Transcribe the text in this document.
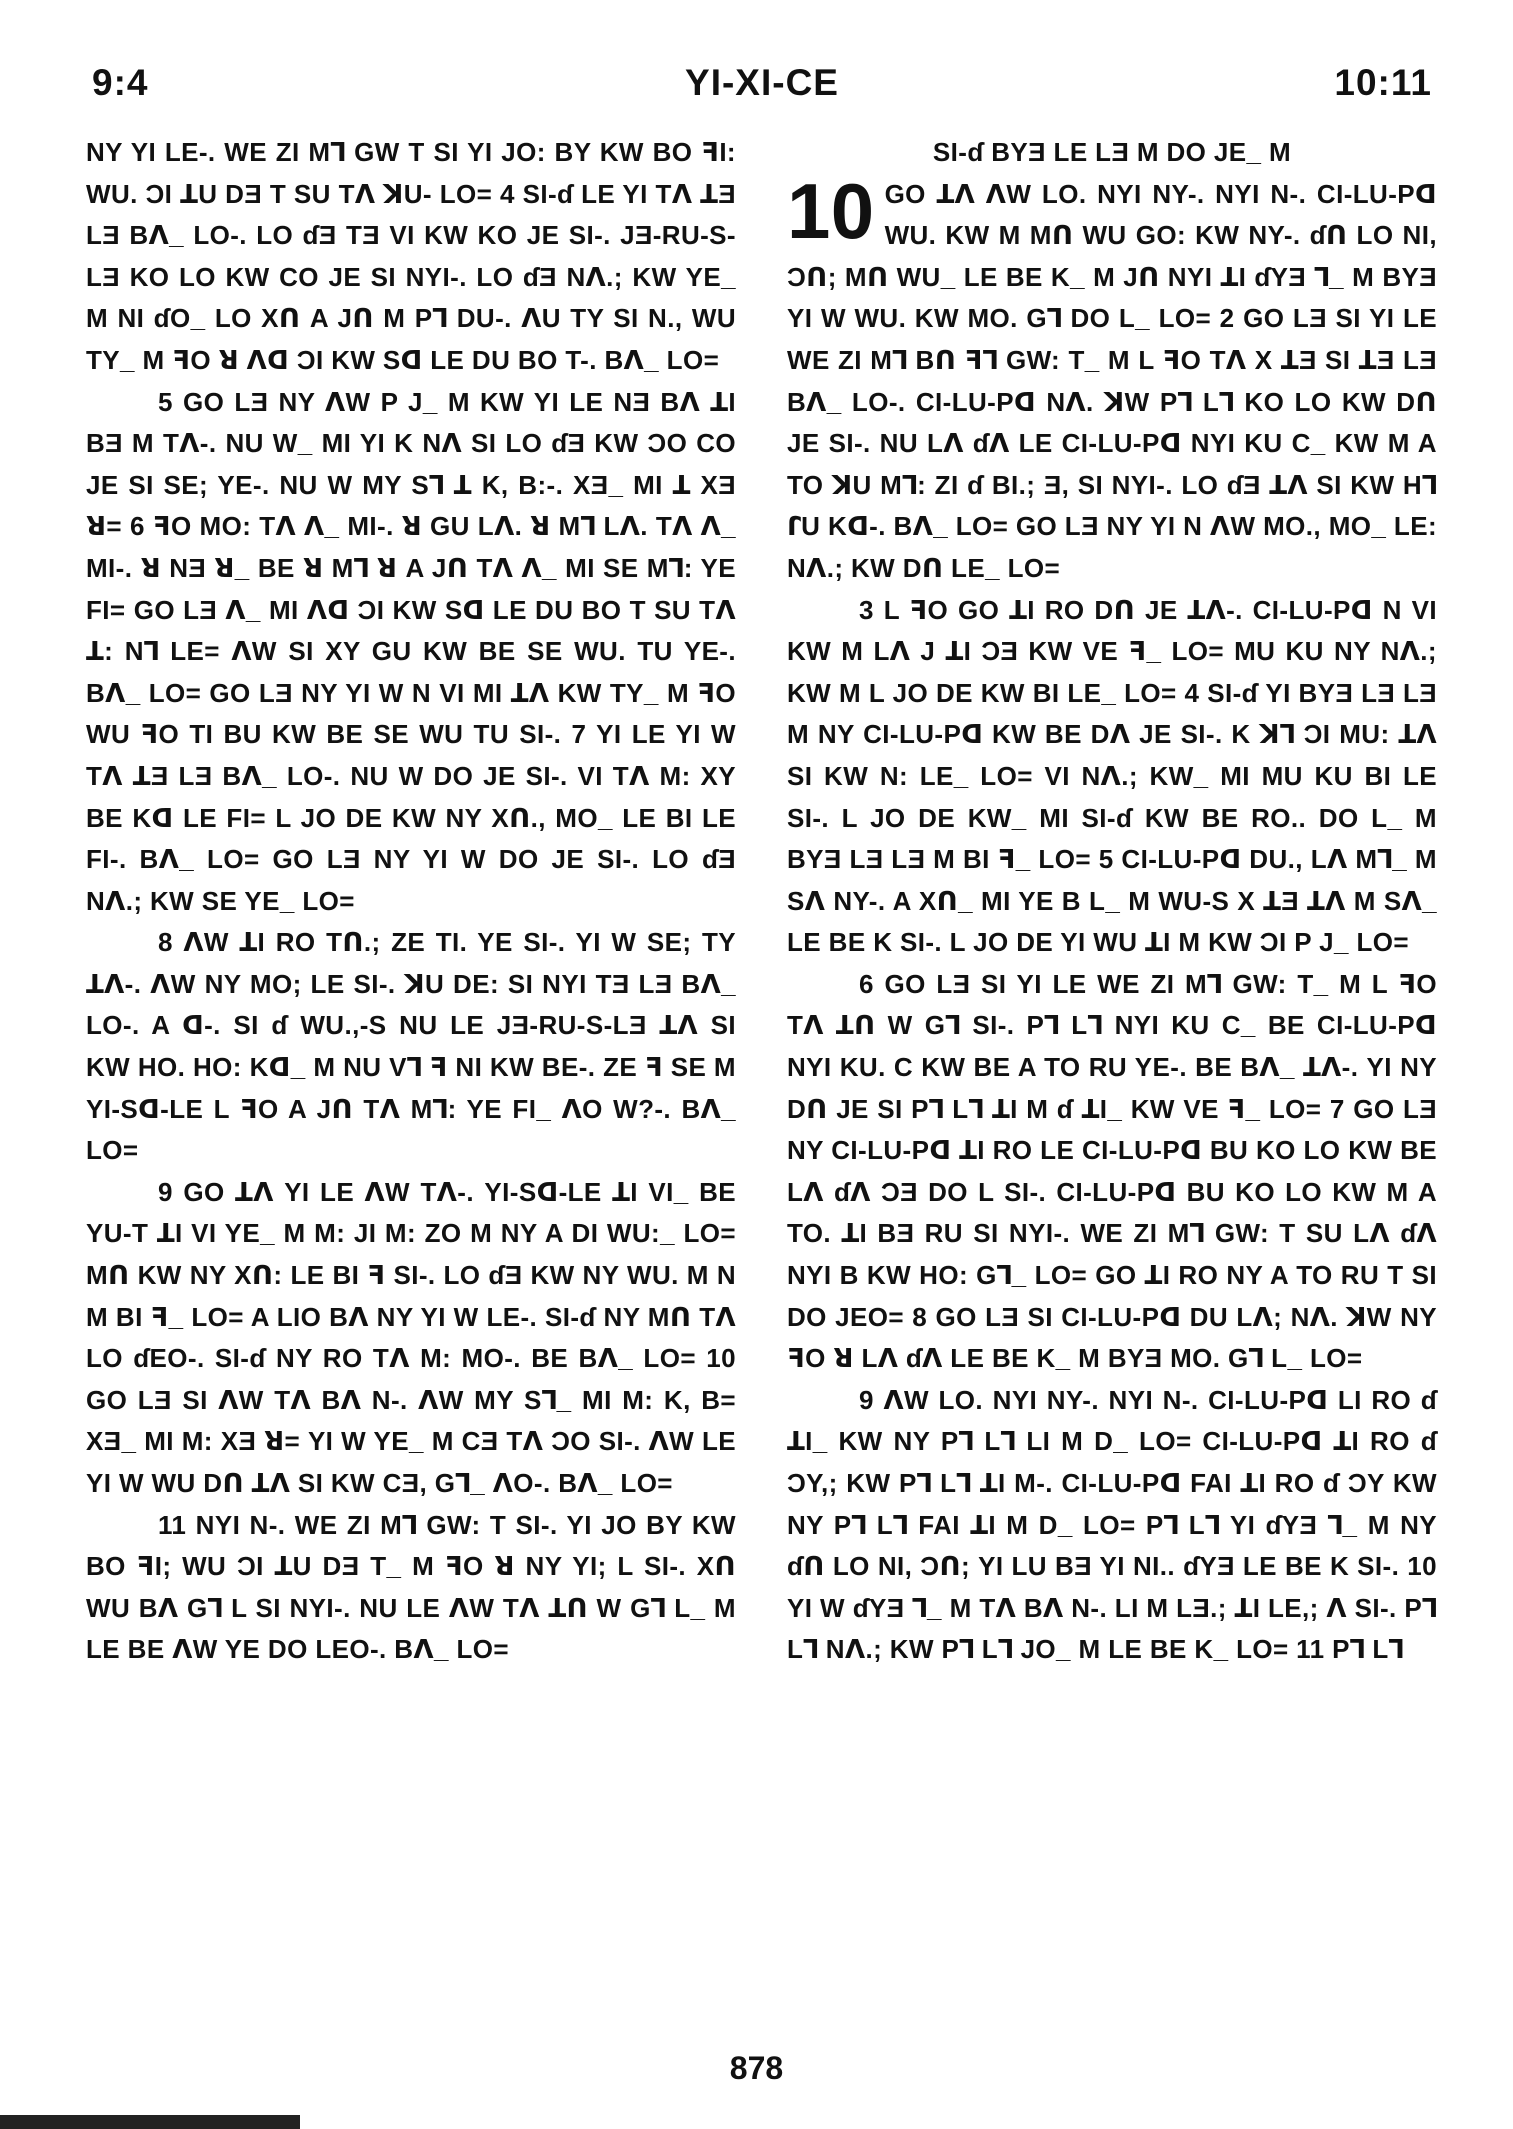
9:4	YI-XI-CE	10:11

NY YI LE-. WE ZI M⅂ GW T SI YI JO: BY KW BO ꟻI: WU. ƆI ꓕU DƎ T SU Tꓥ ꓘU- LO= 4 SI-ɗ LE YI Tꓥ ꓕƎ LƎ Bꓥ_ LO-. LO ɗƎ TƎ VI KW KO JE SI-. JƎ-RU-S-LƎ KO LO KW CO JE SI NYI-. LO ɗƎ Nꓥ.; KW YE_ M NI ɗO_ LO Xꓵ A Jꓵ M P⅂ DU-. ꓥU TY SI N., WU TY_ M ꟻO ꓤ ꓥꓷ ƆI KW Sꓷ LE DU BO T-. Bꓥ_ LO=

5 GO LƎ NY ꓥW P J_ M KW YI LE NƎ Bꓥ ꓕI BƎ M Tꓥ-. NU W_ MI YI K Nꓥ SI LO ɗƎ KW ƆO CO JE SI SE; YE-. NU W MY S⅂ ꓕ K, B:-. XƎ_ MI ꓕ XƎ ꓤ= 6 ꟻO MO: Tꓥ ꓥ_ MI-. ꓤ GU Lꓥ. ꓤ M⅂ Lꓥ. Tꓥ ꓥ_ MI-. ꓤ NƎ ꓤ_ BE ꓤ M⅂ ꓤ A Jꓵ Tꓥ ꓥ_ MI SE M⅂: YE FI= GO LƎ ꓥ_ MI ꓥꓷ ƆI KW Sꓷ LE DU BO T SU Tꓥ ꓕ: N⅂ LE= ꓥW SI XY GU KW BE SE WU. TU YE-. Bꓥ_ LO= GO LƎ NY YI W N VI MI ꓕꓥ KW TY_ M ꟻO WU ꟻO TI BU KW BE SE WU TU SI-. 7 YI LE YI W Tꓥ ꓕƎ LƎ Bꓥ_ LO-. NU W DO JE SI-. VI Tꓥ M: XY BE Kꓷ LE FI= L JO DE KW NY Xꓵ., MO_ LE BI LE FI-. Bꓥ_ LO= GO LƎ NY YI W DO JE SI-. LO ɗƎ Nꓥ.; KW SE YE_ LO=

8 ꓥW ꓕI RO Tꓵ.; ZE TI. YE SI-. YI W SE; TY ꓕꓥ-. ꓥW NY MO; LE SI-. ꓘU DE: SI NYI TƎ LƎ Bꓥ_ LO-. A ꓷ-. SI ɗ WU.,-S NU LE JƎ-RU-S-LƎ ꓕꓥ SI KW HO. HO: Kꓷ_ M NU V⅂ ꟻ NI KW BE-. ZE ꟻ SE M YI-Sꓷ-LE L ꟻO A Jꓵ Tꓥ M⅂: YE FI_ ꓥO W?-. Bꓥ_ LO=

9 GO ꓕꓥ YI LE ꓥW Tꓥ-. YI-Sꓷ-LE ꓕI VI_ BE YU-T ꓕI VI YE_ M M: JI M: ZO M NY A DI WU:_ LO= Mꓵ KW NY Xꓵ: LE BI ꟻ SI-. LO ɗƎ KW NY WU. M N M BI ꟻ_ LO= A LIO Bꓥ NY YI W LE-. SI-ɗ NY Mꓵ Tꓥ LO ɗEO-. SI-ɗ NY RO Tꓥ M: MO-. BE Bꓥ_ LO= 10 GO LƎ SI ꓥW Tꓥ Bꓥ N-. ꓥW MY S⅂_ MI M: K, B= XƎ_ MI M: XƎ ꓤ= YI W YE_ M CƎ Tꓥ ƆO SI-. ꓥW LE YI W WU Dꓵ ꓕꓥ SI KW CƎ, G⅂_ ꓥO-. Bꓥ_ LO=

11 NYI N-. WE ZI M⅂ GW: T SI-. YI JO BY KW BO ꟻI; WU ƆI ꓕU DƎ T_ M ꟻO ꓤ NY YI; L SI-. Xꓵ WU Bꓥ G⅂ L SI NYI-. NU LE ꓥW Tꓥ ꓕꓵ W G⅂ L_ M LE BE ꓥW YE DO LEO-. Bꓥ_ LO=

SI-ɗ BYƎ LE LƎ M DO JE_ M

10 GO ꓕꓥ ꓥW LO. NYI NY-. NYI N-. CI-LU-Pꓷ WU. KW M Mꓵ WU GO: KW NY-. ɗꓵ LO NI, Ɔꓵ; Mꓵ WU_ LE BE K_ M Jꓵ NYI ꓕI ɗYƎ ⅂_ M BYƎ YI W WU. KW MO. G⅂ DO L_ LO= 2 GO LƎ SI YI LE WE ZI M⅂ Bꓵ ꟻ⅂ GW: T_ M L ꟻO Tꓥ X ꓕƎ SI ꓕƎ LƎ Bꓥ_ LO-. CI-LU-Pꓷ Nꓥ. ꓘW P⅂ L⅂ KO LO KW Dꓵ JE SI-. NU Lꓥ ɗꓥ LE CI-LU-Pꓷ NYI KU C_ KW M A TO ꓘU M⅂: ZI ɗ BI.; Ǝ, SI NYI-. LO ɗƎ ꓕꓥ SI KW H⅂ ꓩU Kꓷ-. Bꓥ_ LO= GO LƎ NY YI N ꓥW MO., MO_ LE: Nꓥ.; KW Dꓵ LE_ LO=

3 L ꟻO GO ꓕI RO Dꓵ JE ꓕꓥ-. CI-LU-Pꓷ N VI KW M Lꓥ J ꓕI ƆƎ KW VE ꟻ_ LO= MU KU NY Nꓥ.; KW M L JO DE KW BI LE_ LO= 4 SI-ɗ YI BYƎ LƎ LƎ M NY CI-LU-Pꓷ KW BE Dꓥ JE SI-. K ꓘꓶ ƆI MU: ꓕꓥ SI KW N: LE_ LO= VI Nꓥ.; KW_ MI MU KU BI LE SI-. L JO DE KW_ MI SI-ɗ KW BE RO.. DO L_ M BYƎ LƎ LƎ M BI ꟻ_ LO= 5 CI-LU-Pꓷ DU., Lꓥ M⅂_ M Sꓥ NY-. A Xꓵ_ MI YE B L_ M WU-S X ꓕƎ ꓕꓥ M Sꓥ_ LE BE K SI-. L JO DE YI WU ꓕI M KW ƆI P J_ LO=

6 GO LƎ SI YI LE WE ZI M⅂ GW: T_ M L ꟻO Tꓥ ꓕꓵ W G⅂ SI-. P⅂ L⅂ NYI KU C_ BE CI-LU-Pꓷ NYI KU. C KW BE A TO RU YE-. BE Bꓥ_ ꓕꓥ-. YI NY Dꓵ JE SI P⅂ L⅂ ꓕI M ɗ ꓕI_ KW VE ꟻ_ LO= 7 GO LƎ NY CI-LU-Pꓷ ꓕI RO LE CI-LU-Pꓷ BU KO LO KW BE Lꓥ ɗꓥ ƆƎ DO L SI-. CI-LU-Pꓷ BU KO LO KW M A TO. ꓕI BƎ RU SI NYI-. WE ZI M⅂ GW: T SU Lꓥ ɗꓥ NYI B KW HO: G⅂_ LO= GO ꓕI RO NY A TO RU T SI DO JEO= 8 GO LƎ SI CI-LU-Pꓷ DU Lꓥ; Nꓥ. ꓘW NY ꟻO ꓤ Lꓥ ɗꓥ LE BE K_ M BYƎ MO. G⅂ L_ LO=

9 ꓥW LO. NYI NY-. NYI N-. CI-LU-Pꓷ LI RO ɗ ꓕI_ KW NY P⅂ L⅂ LI M D_ LO= CI-LU-Pꓷ ꓕI RO ɗ ƆY,; KW P⅂ L⅂ ꓕI M-. CI-LU-Pꓷ FAI ꓕI RO ɗ ƆY KW NY P⅂ L⅂ FAI ꓕI M D_ LO= P⅂ L⅂ YI ɗYƎ ⅂_ M NY ɗꓵ LO NI, Ɔꓵ; YI LU BƎ YI NI.. ɗYƎ LE BE K SI-. 10 YI W ɗYƎ ⅂_ M Tꓥ Bꓥ N-. LI M LƎ.; ꓕI LE,; ꓥ SI-. P⅂ L⅂ Nꓥ.; KW P⅂ L⅂ JO_ M LE BE K_ LO= 11 P⅂ L⅂

878
